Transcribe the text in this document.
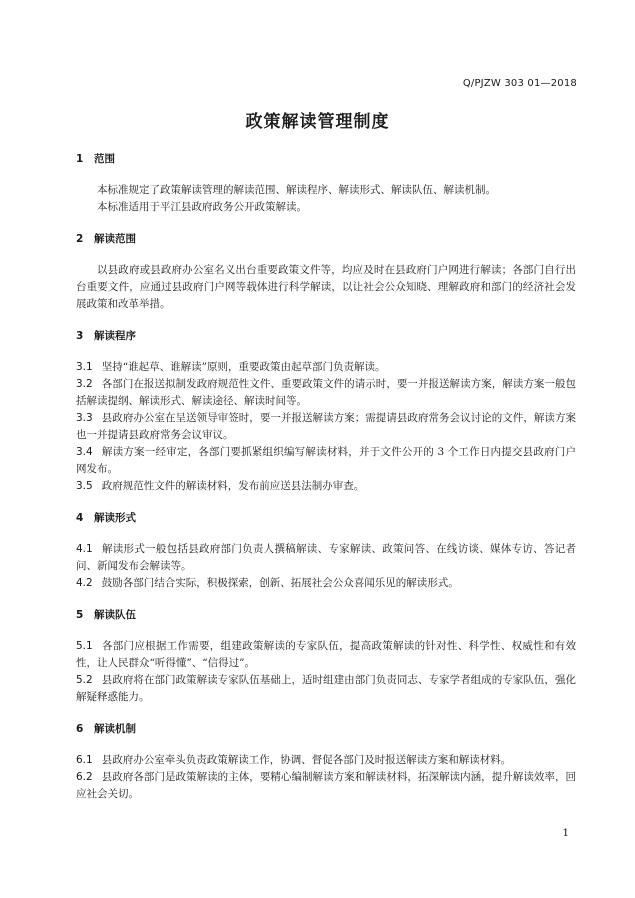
Q/PJZW 303 01—2018
政策解读管理制度
1 范围

本标准规定了政策解读管理的解读范围、解读程序、解读形式、解读队伍、解读机制。

本标准适用于平江县政府政务公开政策解读。

2 解读范围

以县政府或县政府办公室名义出台重要政策文件等，均应及时在县政府门户网进行解读；各部门自行出台重要文件，应通过县政府门户网等载体进行科学解读，以让社会公众知晓、理解政府和部门的经济社会发展政策和改革举措。

3 解读程序

3.1 坚持“谁起草、谁解读”原则，重要政策由起草部门负责解读。

3.2 各部门在报送拟制发政府规范性文件、重要政策文件的请示时，要一并报送解读方案，解读方案一般包括解读提纲、解读形式、解读途径、解读时间等。

3.3 县政府办公室在呈送领导审签时，要一并报送解读方案；需提请县政府常务会议讨论的文件，解读方案也一并提请县政府常务会议审议。

3.4 解读方案一经审定，各部门要抓紧组织编写解读材料，并于文件公开的 3 个工作日内提交县政府门户网发布。

3.5 政府规范性文件的解读材料，发布前应送县法制办审查。

4 解读形式

4.1 解读形式一般包括县政府部门负责人撰稿解读、专家解读、政策问答、在线访谈、媒体专访、答记者问、新闻发布会解读等。

4.2 鼓励各部门结合实际，积极探索，创新、拓展社会公众喜闻乐见的解读形式。

5 解读队伍

5.1 各部门应根据工作需要，组建政策解读的专家队伍，提高政策解读的针对性、科学性、权威性和有效性，让人民群众“听得懂”、“信得过”。

5.2 县政府将在部门政策解读专家队伍基础上，适时组建由部门负责同志、专家学者组成的专家队伍，强化解疑释惑能力。

6 解读机制

6.1 县政府办公室牵头负责政策解读工作，协调、督促各部门及时报送解读方案和解读材料。

6.2 县政府各部门是政策解读的主体，要精心编制解读方案和解读材料，拓深解读内涵，提升解读效率，回应社会关切。

1
